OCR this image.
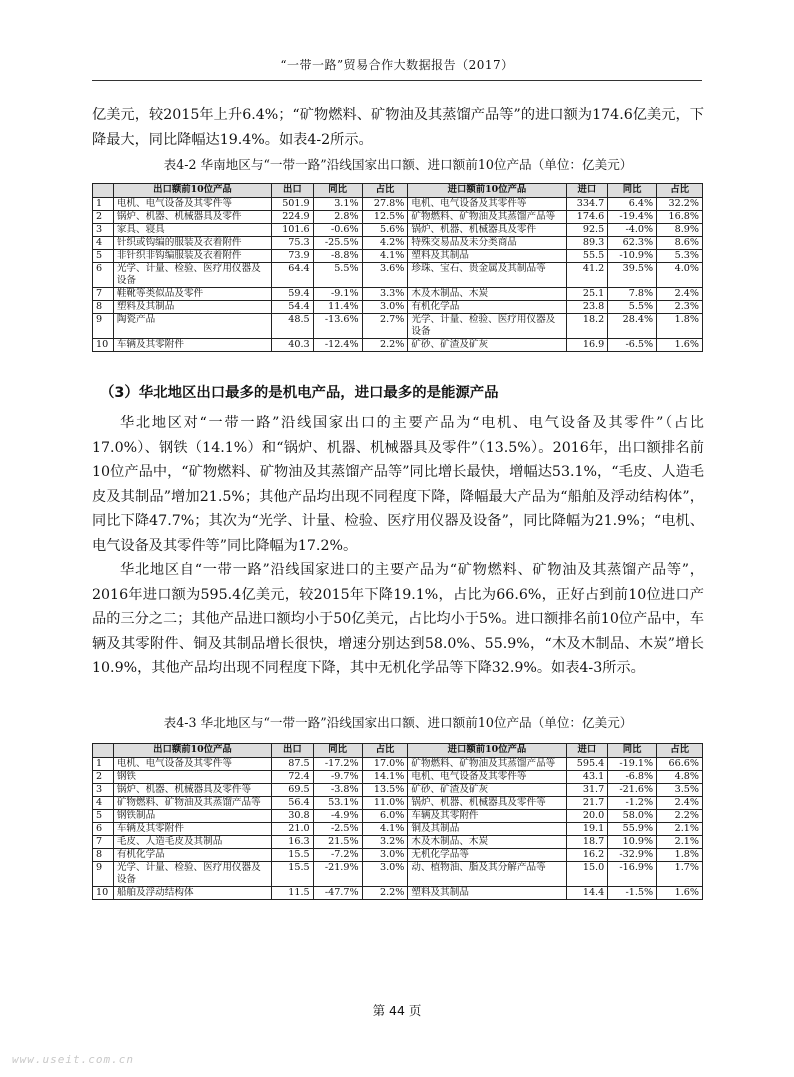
“一带一路”贸易合作大数据报告（2017）

亿美元，较2015年上升6.4%；“矿物燃料、矿物油及其蒸馏产品等”的进口额为174.6亿美元，下降最大，同比降幅达19.4%。如表4-2所示。

表4-2 华南地区与“一带一路”沿线国家出口额、进口额前10位产品（单位：亿美元）
	出口额前10位产品	出口	同比	占比	进口额前10位产品	进口	同比	占比
1	电机、电气设备及其零件等	501.9	3.1%	27.8%	电机、电气设备及其零件等	334.7	6.4%	32.2%
2	锅炉、机器、机械器具及零件	224.9	2.8%	12.5%	矿物燃料、矿物油及其蒸馏产品等	174.6	-19.4%	16.8%
3	家具、寝具	101.6	-0.6%	5.6%	锅炉、机器、机械器具及零件	92.5	-4.0%	8.9%
4	针织或钩编的服装及衣着附件	75.3	-25.5%	4.2%	特殊交易品及未分类商品	89.3	62.3%	8.6%
5	非针织非钩编服装及衣着附件	73.9	-8.8%	4.1%	塑料及其制品	55.5	-10.9%	5.3%
6	光学、计量、检验、医疗用仪器及设备	64.4	5.5%	3.6%	珍珠、宝石、贵金属及其制品等	41.2	39.5%	4.0%
7	鞋靴等类似品及零件	59.4	-9.1%	3.3%	木及木制品、木炭	25.1	7.8%	2.4%
8	塑料及其制品	54.4	11.4%	3.0%	有机化学品	23.8	5.5%	2.3%
9	陶瓷产品	48.5	-13.6%	2.7%	光学、计量、检验、医疗用仪器及设备	18.2	28.4%	1.8%
10	车辆及其零附件	40.3	-12.4%	2.2%	矿砂、矿渣及矿灰	16.9	-6.5%	1.6%
（3）华北地区出口最多的是机电产品，进口最多的是能源产品

华北地区对“一带一路”沿线国家出口的主要产品为“电机、电气设备及其零件”（占比17.0%）、钢铁（14.1%）和“锅炉、机器、机械器具及零件”（13.5%）。2016年，出口额排名前10位产品中，“矿物燃料、矿物油及其蒸馏产品等”同比增长最快，增幅达53.1%，“毛皮、人造毛皮及其制品”增加21.5%；其他产品均出现不同程度下降，降幅最大产品为“船舶及浮动结构体”，同比下降47.7%；其次为“光学、计量、检验、医疗用仪器及设备”，同比降幅为21.9%；“电机、电气设备及其零件等”同比降幅为17.2%。

华北地区自“一带一路”沿线国家进口的主要产品为“矿物燃料、矿物油及其蒸馏产品等”，2016年进口额为595.4亿美元，较2015年下降19.1%，占比为66.6%，正好占到前10位进口产品的三分之二；其他产品进口额均小于50亿美元，占比均小于5%。进口额排名前10位产品中，车辆及其零附件、铜及其制品增长很快，增速分别达到58.0%、55.9%，“木及木制品、木炭”增长10.9%，其他产品均出现不同程度下降，其中无机化学品等下降32.9%。如表4-3所示。

表4-3 华北地区与“一带一路”沿线国家出口额、进口额前10位产品（单位：亿美元）
	出口额前10位产品	出口	同比	占比	进口额前10位产品	进口	同比	占比
1	电机、电气设备及其零件等	87.5	-17.2%	17.0%	矿物燃料、矿物油及其蒸馏产品等	595.4	-19.1%	66.6%
2	钢铁	72.4	-9.7%	14.1%	电机、电气设备及其零件等	43.1	-6.8%	4.8%
3	锅炉、机器、机械器具及零件等	69.5	-3.8%	13.5%	矿砂、矿渣及矿灰	31.7	-21.6%	3.5%
4	矿物燃料、矿物油及其蒸馏产品等	56.4	53.1%	11.0%	锅炉、机器、机械器具及零件等	21.7	-1.2%	2.4%
5	钢铁制品	30.8	-4.9%	6.0%	车辆及其零附件	20.0	58.0%	2.2%
6	车辆及其零附件	21.0	-2.5%	4.1%	铜及其制品	19.1	55.9%	2.1%
7	毛皮、人造毛皮及其制品	16.3	21.5%	3.2%	木及木制品、木炭	18.7	10.9%	2.1%
8	有机化学品	15.5	-7.2%	3.0%	无机化学品等	16.2	-32.9%	1.8%
9	光学、计量、检验、医疗用仪器及设备	15.5	-21.9%	3.0%	动、植物油、脂及其分解产品等	15.0	-16.9%	1.7%
10	船舶及浮动结构体	11.5	-47.7%	2.2%	塑料及其制品	14.4	-1.5%	1.6%
第 44 页
www.useit.com.cn
